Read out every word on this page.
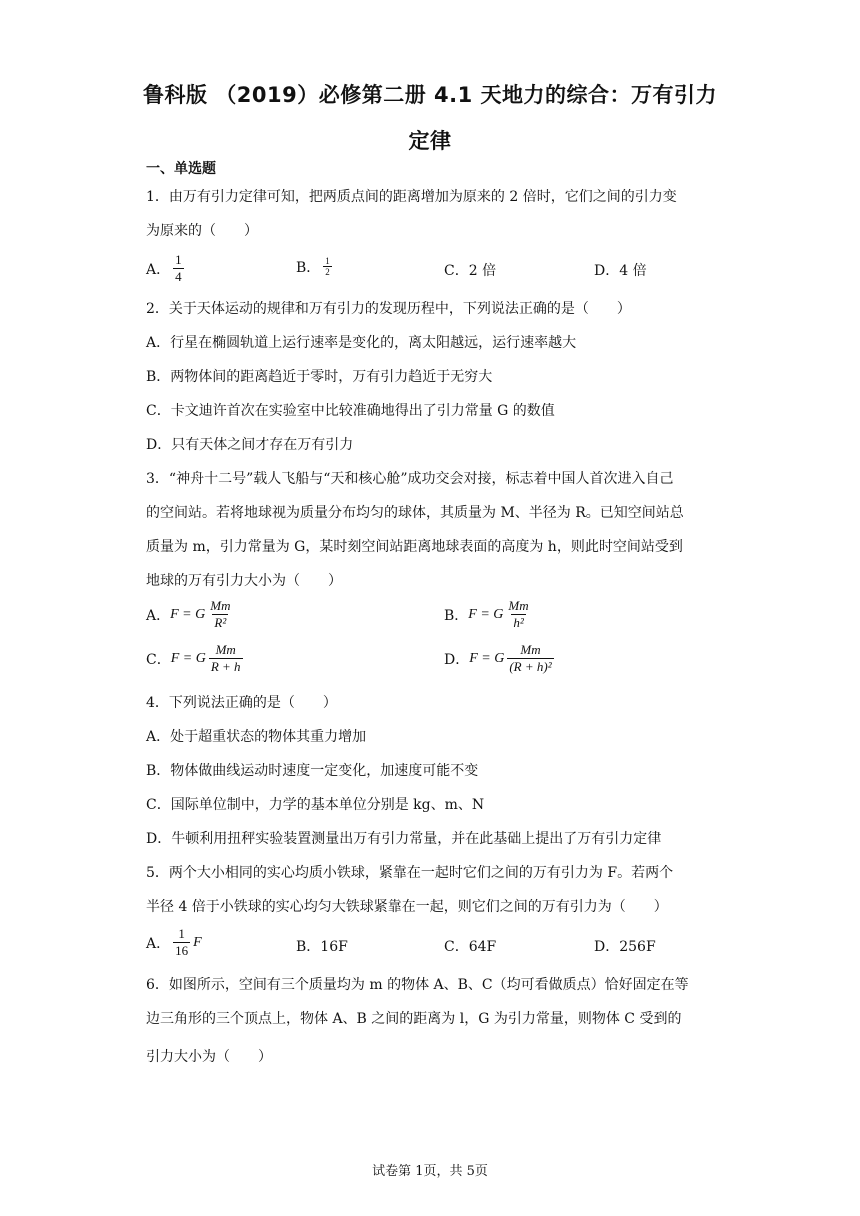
鲁科版 （2019）必修第二册 4.1 天地力的综合：万有引力
定律
一、单选题
1．由万有引力定律可知，把两质点间的距离增加为原来的 2 倍时，它们之间的引力变
为原来的（　　）
A． $\frac{1}{4}$	B． $\frac{1}{2}$	C．2 倍	D．4 倍
2．关于天体运动的规律和万有引力的发现历程中，下列说法正确的是（　　）
A．行星在椭圆轨道上运行速率是变化的，离太阳越远，运行速率越大
B．两物体间的距离趋近于零时，万有引力趋近于无穷大
C．卡文迪许首次在实验室中比较准确地得出了引力常量 G 的数值
D．只有天体之间才存在万有引力
3．“神舟十二号”载人飞船与“天和核心舱”成功交会对接，标志着中国人首次进入自己
的空间站。若将地球视为质量分布均匀的球体，其质量为 M、半径为 R。已知空间站总
质量为 m，引力常量为 G，某时刻空间站距离地球表面的高度为 h，则此时空间站受到
地球的万有引力大小为（　　）
A． F = G $\frac{Mm}{\text{R²}}$	B． F = G $\frac{Mm}{\text{h²}}$
C． F = G $\frac{Mm}{R + h}$	D． F = G $\frac{Mm}{\text{(R + h)²}}$
4．下列说法正确的是（　　）
A．处于超重状态的物体其重力增加
B．物体做曲线运动时速度一定变化，加速度可能不变
C．国际单位制中，力学的基本单位分别是 kg、m、N
D．牛顿利用扭秤实验装置测量出万有引力常量，并在此基础上提出了万有引力定律
5．两个大小相同的实心均质小铁球，紧靠在一起时它们之间的万有引力为 F。若两个
半径 4 倍于小铁球的实心均匀大铁球紧靠在一起，则它们之间的万有引力为（　　）
A． $\frac{1}{16}$ F	B．16F	C．64F	D．256F
6．如图所示，空间有三个质量均为 m 的物体 A、B、C（均可看做质点）恰好固定在等
边三角形的三个顶点上，物体 A、B 之间的距离为 l，G 为引力常量，则物体 C 受到的
引力大小为（　　）
试卷第 1页，共 5页
